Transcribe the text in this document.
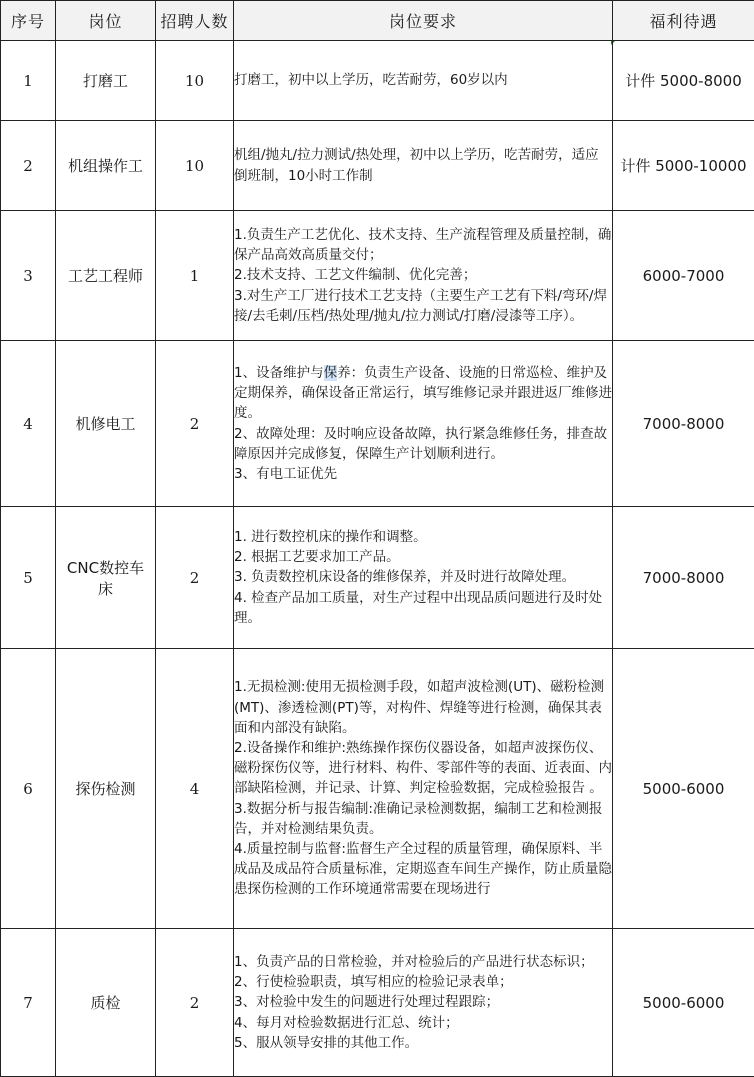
序号	岗位	招聘人数	岗位要求	福利待遇
1	打磨工	10	打磨工，初中以上学历，吃苦耐劳，60岁以内	计件 5000-8000
2	机组操作工	10	机组/抛丸/拉力测试/热处理，初中以上学历，吃苦耐劳，适应倒班制，10小时工作制	计件 5000-10000
3	工艺工程师	1	1.负责生产工艺优化、技术支持、生产流程管理及质量控制，确保产品高效高质量交付；
2.技术支持、工艺文件编制、优化完善；
3.对生产工厂进行技术工艺支持（主要生产工艺有下料/弯环/焊接/去毛刺/压档/热处理/抛丸/拉力测试/打磨/浸漆等工序）。	6000-7000
4	机修电工	2	1、设备维护与保养：负责生产设备、设施的日常巡检、维护及定期保养，确保设备正常运行，填写维修记录并跟进返厂维修进度。
2、故障处理：及时响应设备故障，执行紧急维修任务，排查故障原因并完成修复，保障生产计划顺利进行。
3、有电工证优先	7000-8000
5	CNC数控车床	2	1. 进行数控机床的操作和调整。
2. 根据工艺要求加工产品。
3. 负责数控机床设备的维修保养，并及时进行故障处理。
4. 检查产品加工质量，对生产过程中出现品质问题进行及时处理。	7000-8000
6	探伤检测	4	1.无损检测:使用无损检测手段，如超声波检测(UT)、磁粉检测(MT)、渗透检测(PT)等，对构件、焊缝等进行检测，确保其表面和内部没有缺陷。
2.设备操作和维护:熟练操作探伤仪器设备，如超声波探伤仪、磁粉探伤仪等，进行材料、构件、零部件等的表面、近表面、内部缺陷检测，并记录、计算、判定检验数据，完成检验报告 。
3.数据分析与报告编制:准确记录检测数据，编制工艺和检测报告，并对检测结果负责。
4.质量控制与监督:监督生产全过程的质量管理，确保原料、半成品及成品符合质量标准，定期巡查车间生产操作，防止质量隐患探伤检测的工作环境通常需要在现场进行	5000-6000
7	质检	2	1、负责产品的日常检验，并对检验后的产品进行状态标识；
2、行使检验职责，填写相应的检验记录表单；
3、对检验中发生的问题进行处理过程跟踪；
4、每月对检验数据进行汇总、统计；
5、服从领导安排的其他工作。	5000-6000
